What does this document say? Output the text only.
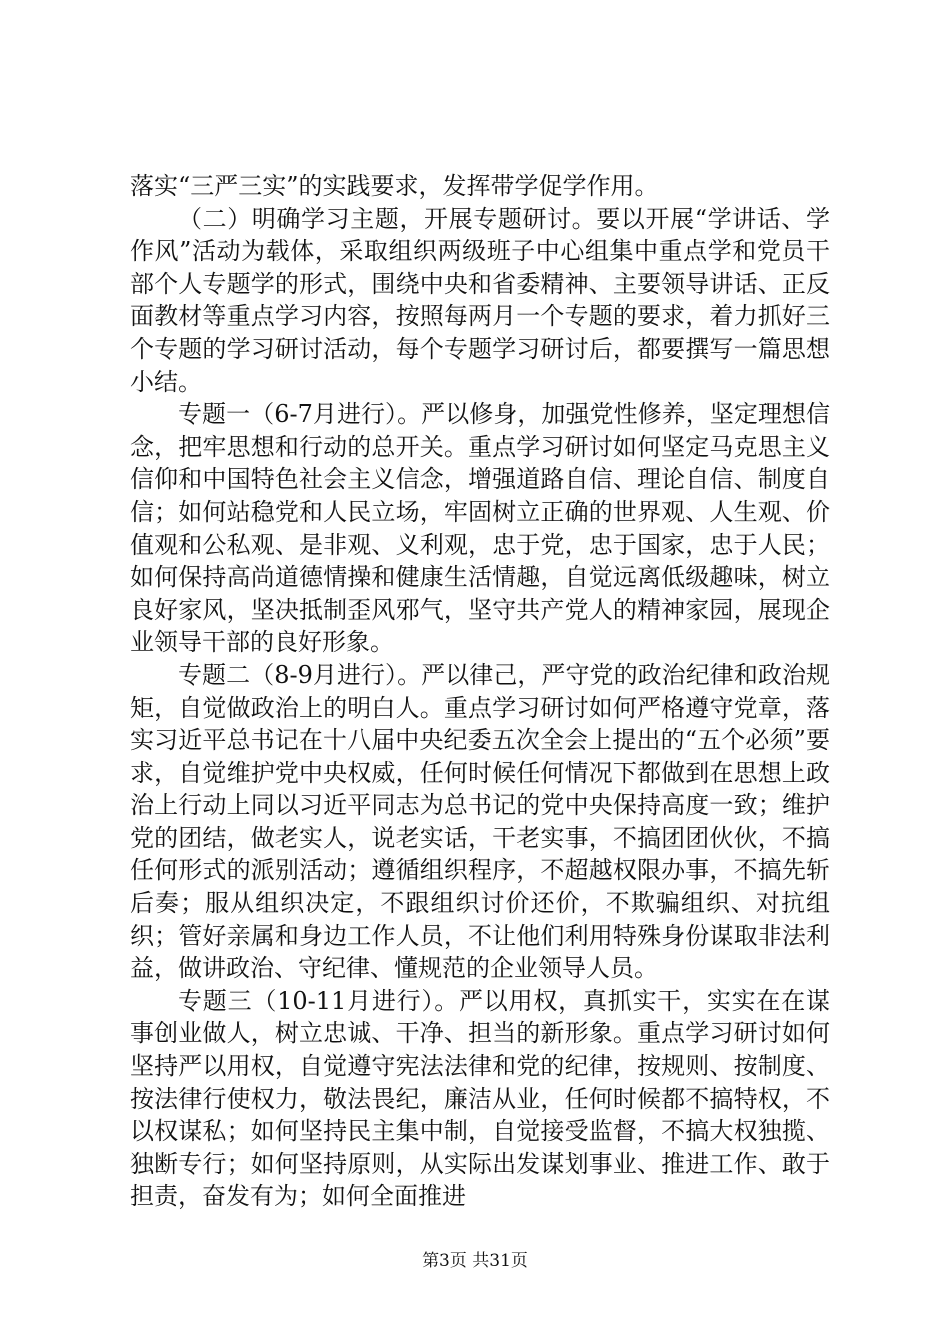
落实“三严三实”的实践要求，发挥带学促学作用。

（二）明确学习主题，开展专题研讨。要以开展“学讲话、学作风”活动为载体，采取组织两级班子中心组集中重点学和党员干部个人专题学的形式，围绕中央和省委精神、主要领导讲话、正反面教材等重点学习内容，按照每两月一个专题的要求，着力抓好三个专题的学习研讨活动，每个专题学习研讨后，都要撰写一篇思想小结。

专题一（6-7月进行）。严以修身，加强党性修养，坚定理想信念，把牢思想和行动的总开关。重点学习研讨如何坚定马克思主义信仰和中国特色社会主义信念，增强道路自信、理论自信、制度自信；如何站稳党和人民立场，牢固树立正确的世界观、人生观、价值观和公私观、是非观、义利观，忠于党，忠于国家，忠于人民；如何保持高尚道德情操和健康生活情趣，自觉远离低级趣味，树立良好家风，坚决抵制歪风邪气，坚守共产党人的精神家园，展现企业领导干部的良好形象。

专题二（8-9月进行）。严以律己，严守党的政治纪律和政治规矩，自觉做政治上的明白人。重点学习研讨如何严格遵守党章，落实习近平总书记在十八届中央纪委五次全会上提出的“五个必须”要求，自觉维护党中央权威，任何时候任何情况下都做到在思想上政治上行动上同以习近平同志为总书记的党中央保持高度一致；维护党的团结，做老实人，说老实话，干老实事，不搞团团伙伙，不搞任何形式的派别活动；遵循组织程序，不超越权限办事，不搞先斩后奏；服从组织决定，不跟组织讨价还价，不欺骗组织、对抗组织；管好亲属和身边工作人员，不让他们利用特殊身份谋取非法利益，做讲政治、守纪律、懂规范的企业领导人员。

专题三（10-11月进行）。严以用权，真抓实干，实实在在谋事创业做人，树立忠诚、干净、担当的新形象。重点学习研讨如何坚持严以用权，自觉遵守宪法法律和党的纪律，按规则、按制度、按法律行使权力，敬法畏纪，廉洁从业，任何时候都不搞特权，不以权谋私；如何坚持民主集中制，自觉接受监督，不搞大权独揽、独断专行；如何坚持原则，从实际出发谋划事业、推进工作、敢于担责，奋发有为；如何全面推进

第3页 共31页
